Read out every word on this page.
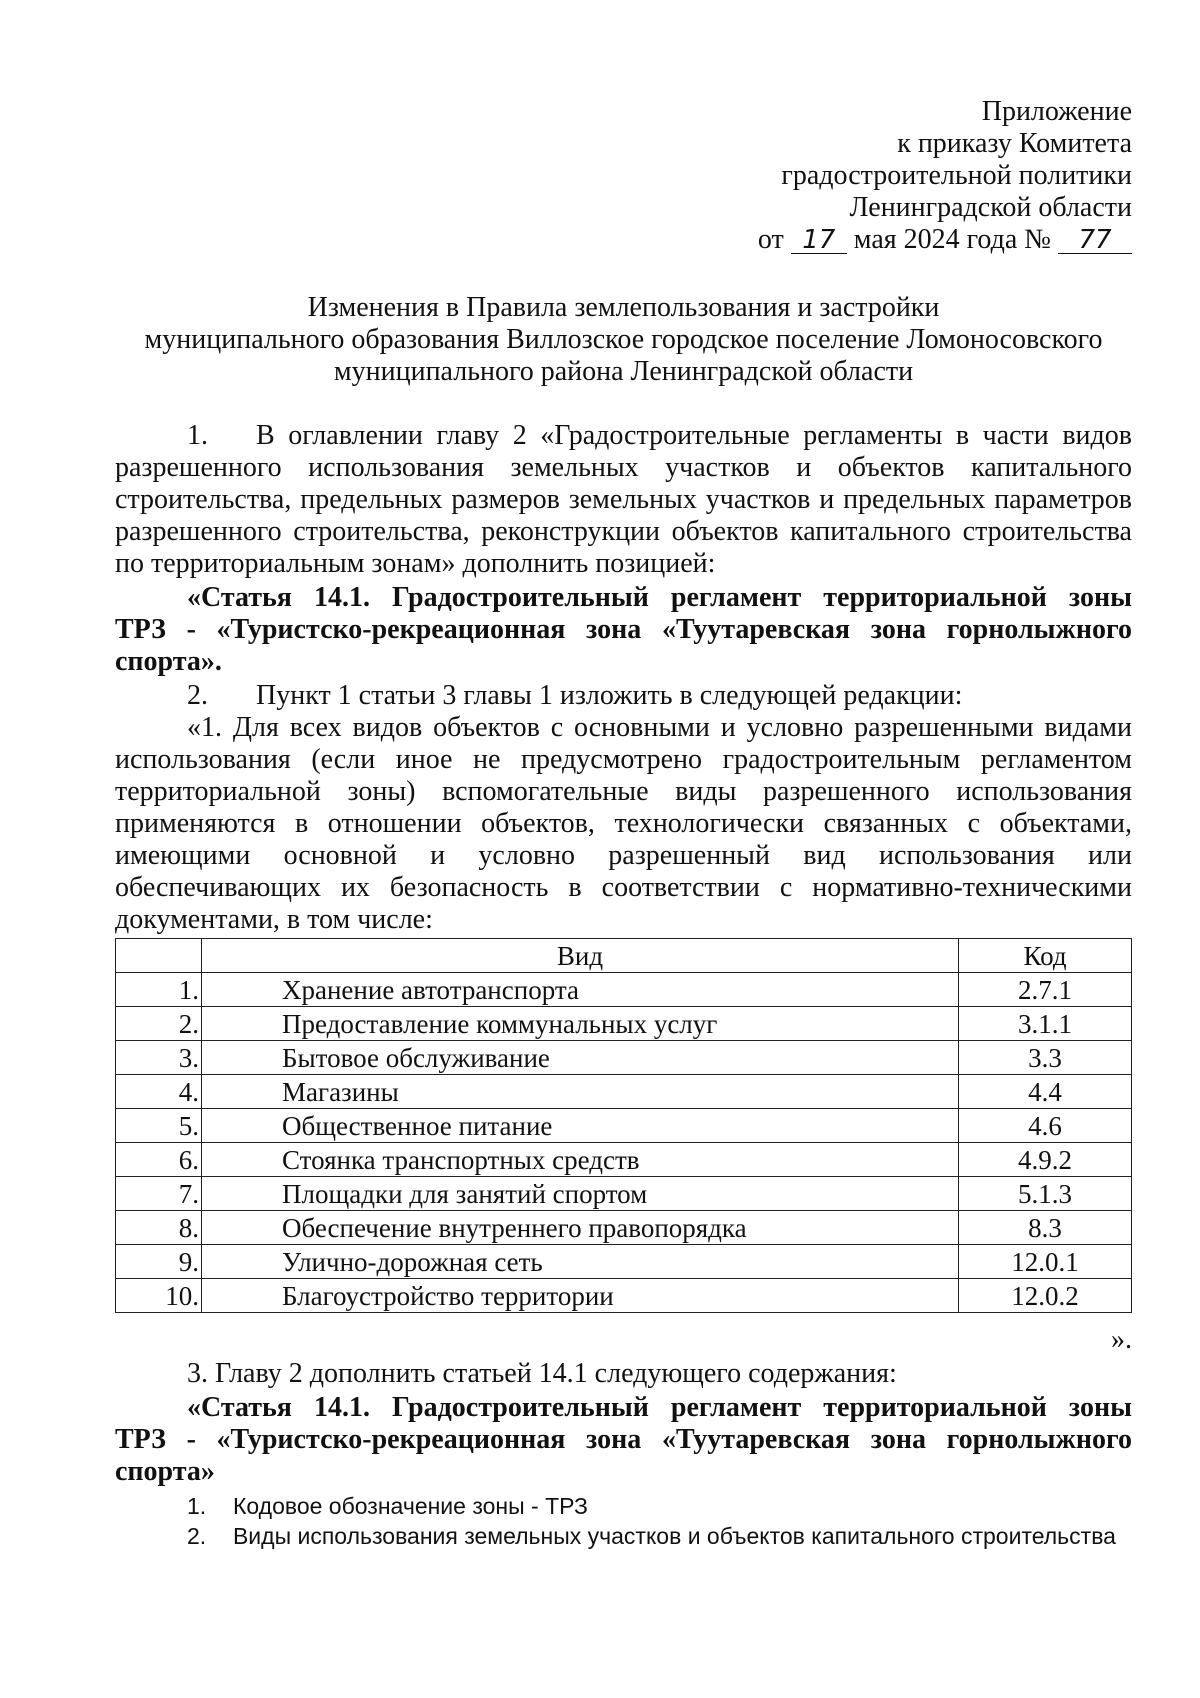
Приложение
к приказу Комитета
градостроительной политики
Ленинградской области
от 17 мая 2024 года № 77
Изменения в Правила землепользования и застройки
муниципального образования Виллозское городское поселение Ломоносовского
муниципального района Ленинградской области
1. В оглавлении главу 2 «Градостроительные регламенты в части видов
разрешенного использования земельных участков и объектов капитального
строительства, предельных размеров земельных участков и предельных параметров
разрешенного строительства, реконструкции объектов капитального строительства
по территориальным зонам» дополнить позицией:
«Статья 14.1. Градостроительный регламент территориальной зоны
ТРЗ - «Туристско-рекреационная зона «Туутаревская зона горнолыжного
спорта».
2. Пункт 1 статьи 3 главы 1 изложить в следующей редакции:
«1. Для всех видов объектов с основными и условно разрешенными видами
использования (если иное не предусмотрено градостроительным регламентом
территориальной зоны) вспомогательные виды разрешенного использования
применяются в отношении объектов, технологически связанных с объектами,
имеющими основной и условно разрешенный вид использования или
обеспечивающих их безопасность в соответствии с нормативно-техническими
документами, в том числе:
	Вид	Код
1.	Хранение автотранспорта	2.7.1
2.	Предоставление коммунальных услуг	3.1.1
3.	Бытовое обслуживание	3.3
4.	Магазины	4.4
5.	Общественное питание	4.6
6.	Стоянка транспортных средств	4.9.2
7.	Площадки для занятий спортом	5.1.3
8.	Обеспечение внутреннего правопорядка	8.3
9.	Улично-дорожная сеть	12.0.1
10.	Благоустройство территории	12.0.2
».
3. Главу 2 дополнить статьей 14.1 следующего содержания:
«Статья 14.1. Градостроительный регламент территориальной зоны
ТРЗ - «Туристско-рекреационная зона «Туутаревская зона горнолыжного
спорта»
1. Кодовое обозначение зоны - ТРЗ
2. Виды использования земельных участков и объектов капитального строительства
